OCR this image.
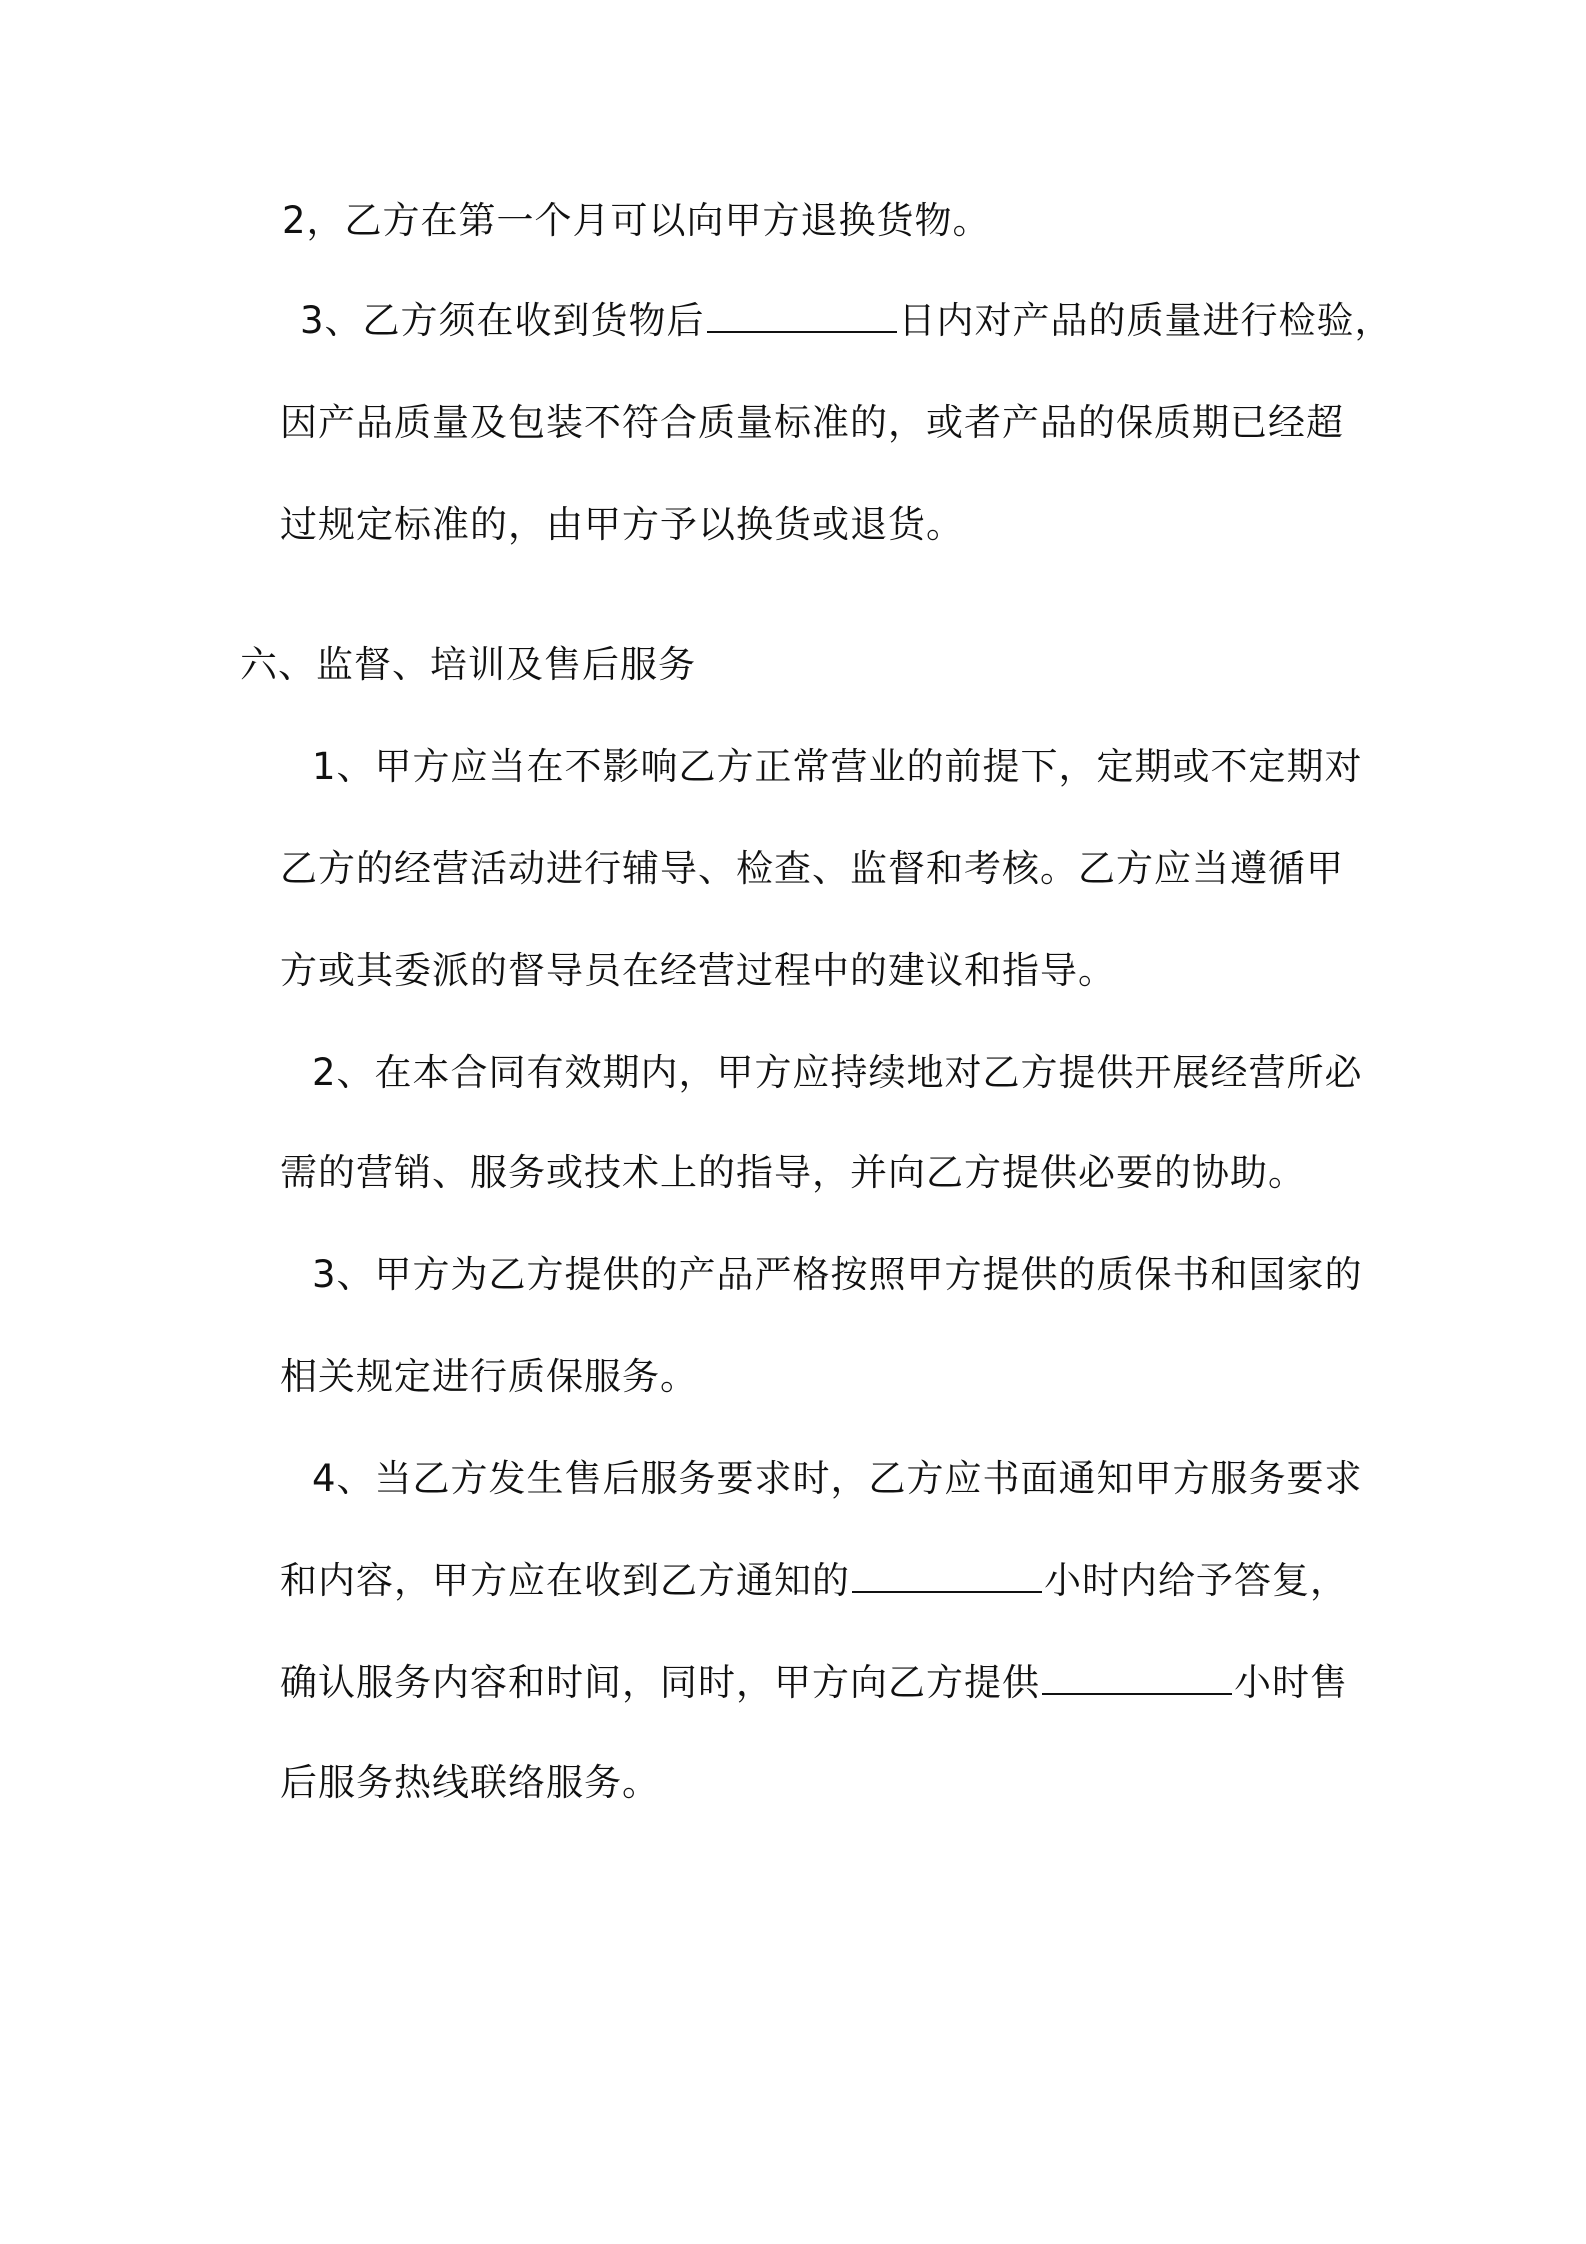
2，乙方在第一个月可以向甲方退换货物。
3、乙方须在收到货物后	日内对产品的质量进行检验，
因产品质量及包装不符合质量标准的，或者产品的保质期已经超
过规定标准的，由甲方予以换货或退货。
六、监督、培训及售后服务
1、甲方应当在不影响乙方正常营业的前提下，定期或不定期对
乙方的经营活动进行辅导、检查、监督和考核。乙方应当遵循甲
方或其委派的督导员在经营过程中的建议和指导。
2、在本合同有效期内，甲方应持续地对乙方提供开展经营所必
需的营销、服务或技术上的指导，并向乙方提供必要的协助。
3、甲方为乙方提供的产品严格按照甲方提供的质保书和国家的
相关规定进行质保服务。
4、当乙方发生售后服务要求时，乙方应书面通知甲方服务要求
和内容，甲方应在收到乙方通知的	小时内给予答复，
确认服务内容和时间，同时，甲方向乙方提供	小时售
后服务热线联络服务。
